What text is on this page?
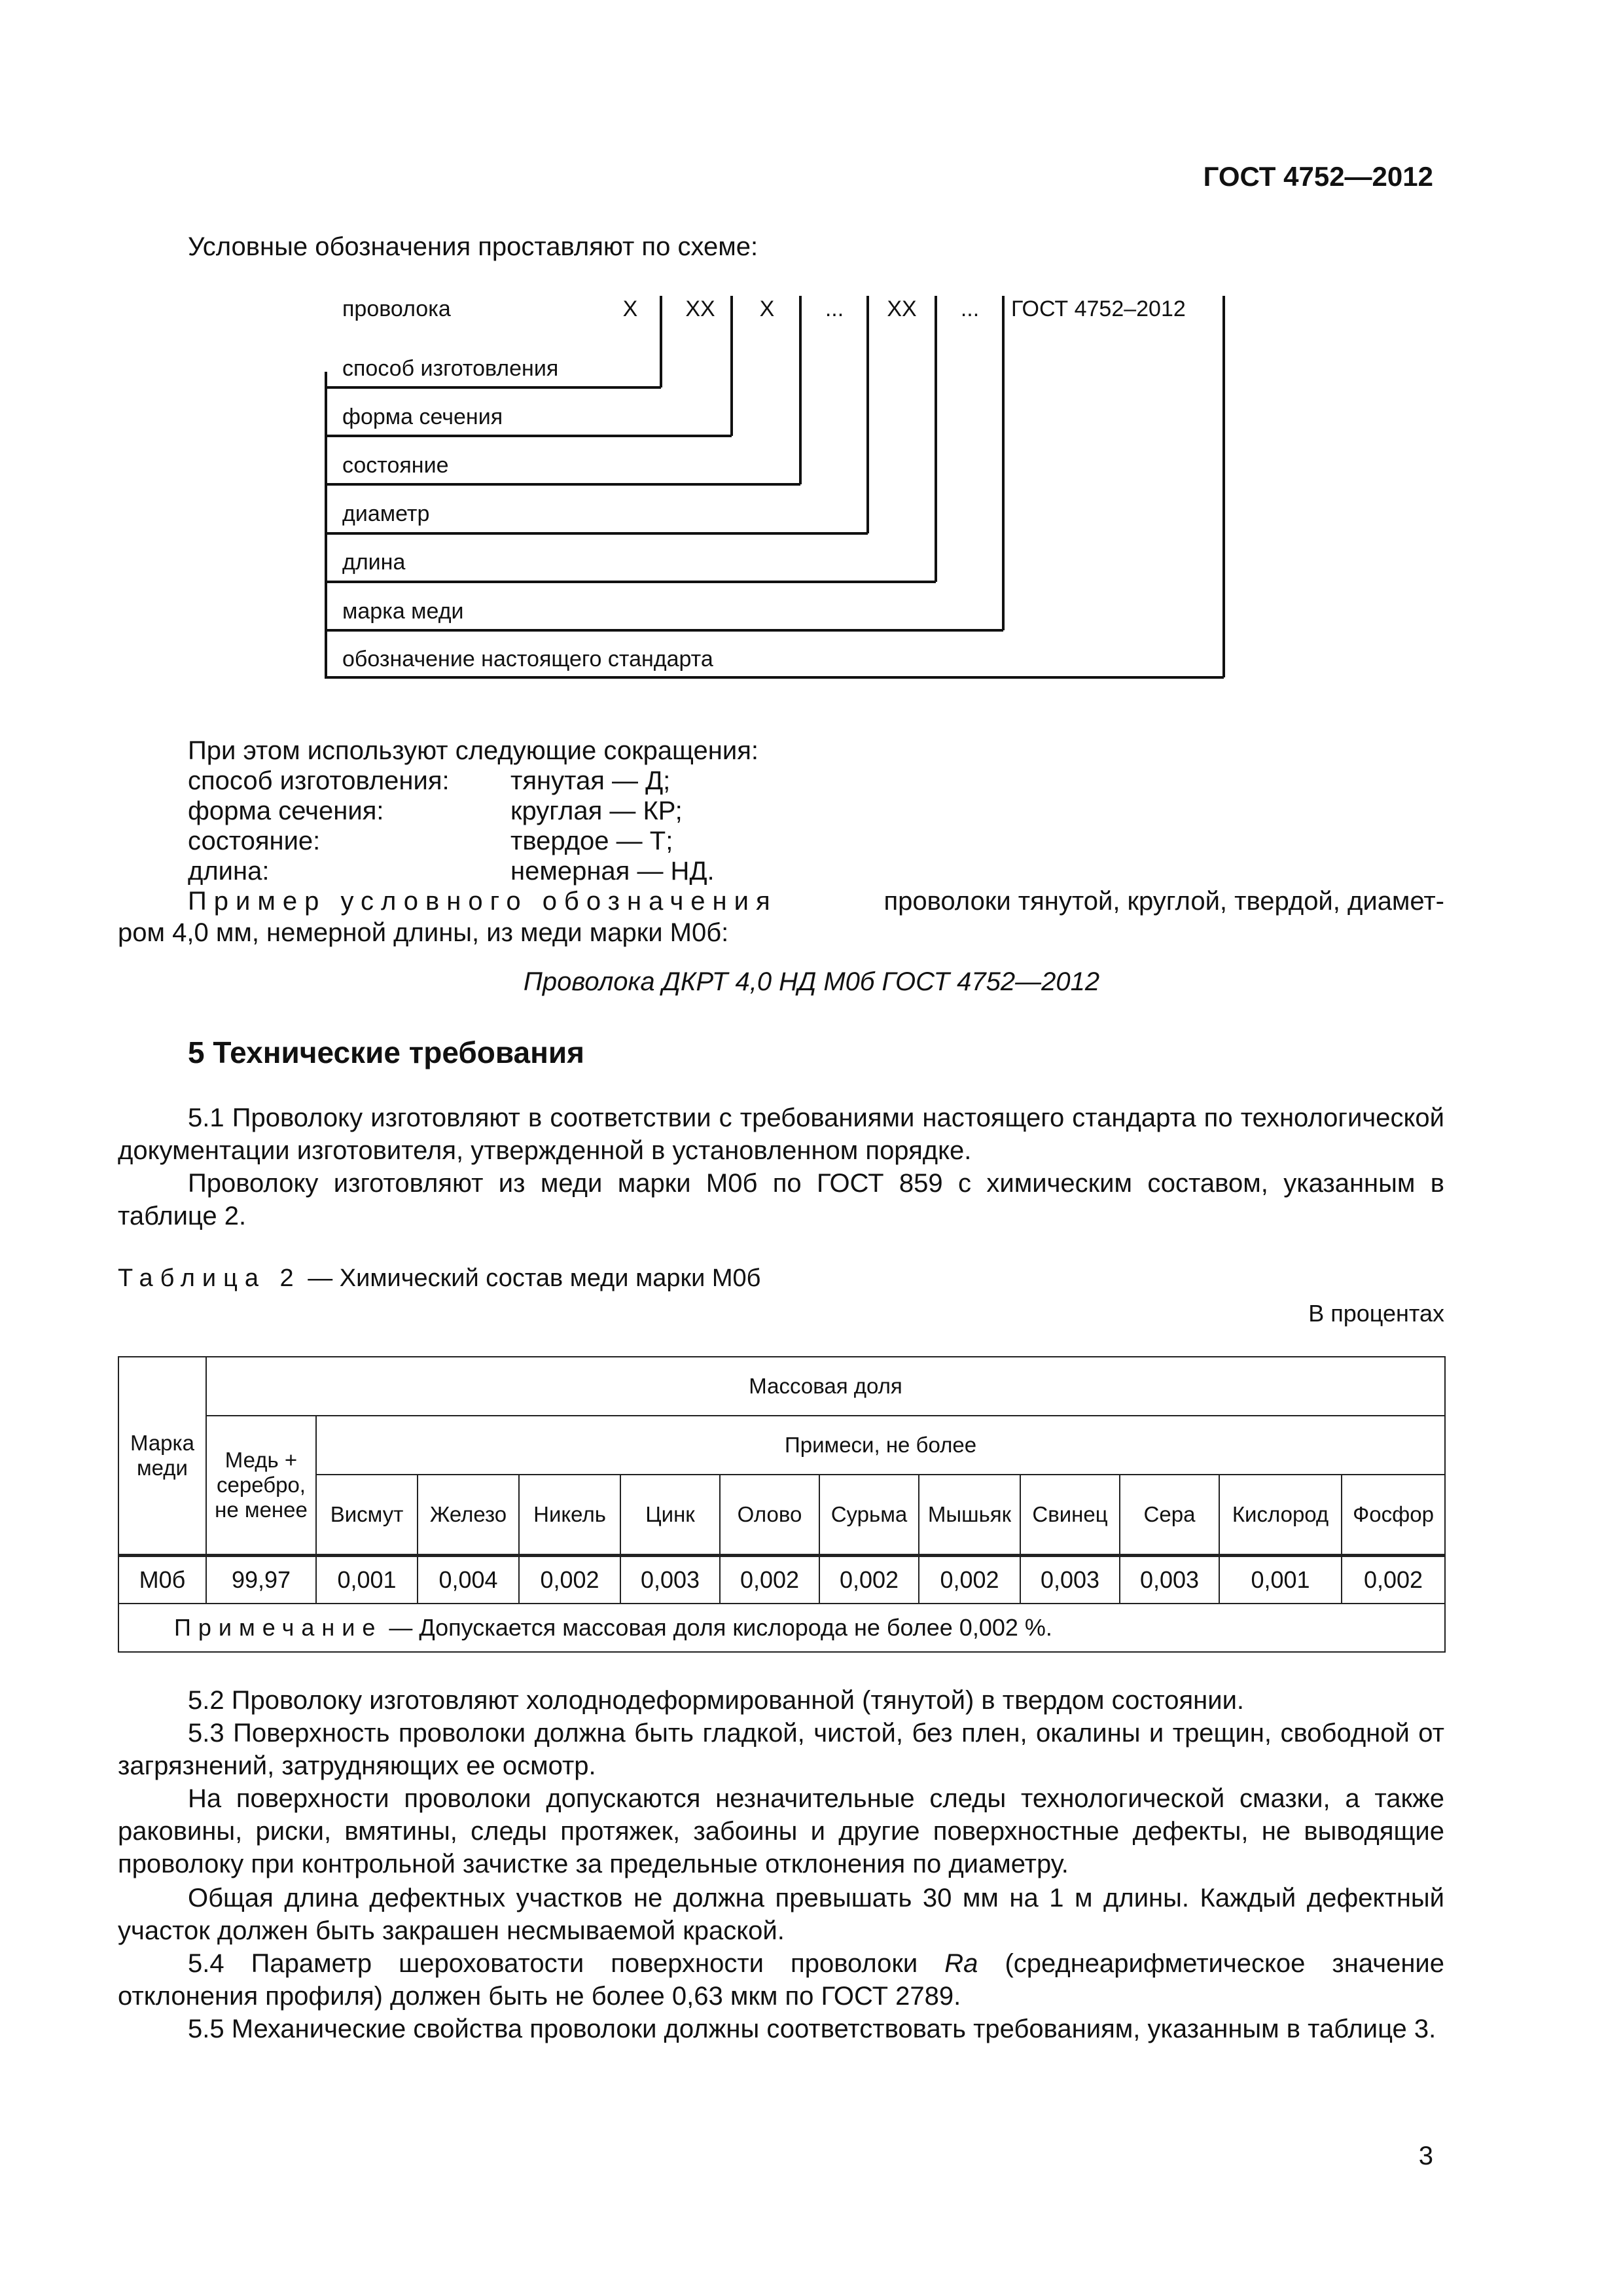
ГОСТ 4752—2012
Условные обозначения проставляют по схеме:
проволока	X XX X ... XX ... ГОСТ 4752–2012
способ изготовления
форма сечения
состояние
диаметр
длина
марка меди
обозначение настоящего стандарта
При этом используют следующие сокращения:
способ изготовления: тянутая — Д;
форма сечения:	круглая — КР;
состояние:	твердое — Т;
длина:	немерная — НД.
Пример условного обозначения	проволоки тянутой, круглой, твердой, диамет-
ром 4,0 мм, немерной длины, из меди марки М0б:
Проволока ДКРТ 4,0 НД М0б ГОСТ 4752—2012
5 Технические требования
5.1 Проволоку изготовляют в соответствии с требованиями настоящего стандарта по технологической документации изготовителя, утвержденной в установленном порядке.
Проволоку изготовляют из меди марки М0б по ГОСТ 859 с химическим составом, указанным в таблице 2.
Таблица 2 — Химический состав меди марки М0б
В процентах
Марка меди	Массовая доля											
	Медь + серебро, не менее	Примеси, не более										
		Висмут	Железо	Никель	Цинк	Олово	Сурьма	Мышьяк	Свинец	Сера	Кислород	Фосфор
М0б	99,97	0,001	0,004	0,002	0,003	0,002	0,002	0,002	0,003	0,003	0,001	0,002
Примечание — Допускается массовая доля кислорода не более 0,002 %.												
5.2 Проволоку изготовляют холоднодеформированной (тянутой) в твердом состоянии.
5.3 Поверхность проволоки должна быть гладкой, чистой, без плен, окалины и трещин, свободной от загрязнений, затрудняющих ее осмотр.
На поверхности проволоки допускаются незначительные следы технологической смазки, а также раковины, риски, вмятины, следы протяжек, забоины и другие поверхностные дефекты, не выводящие проволоку при контрольной зачистке за предельные отклонения по диаметру.
Общая длина дефектных участков не должна превышать 30 мм на 1 м длины. Каждый дефектный участок должен быть закрашен несмываемой краской.
5.4 Параметр шероховатости поверхности проволоки Ra (среднеарифметическое значение отклонения профиля) должен быть не более 0,63 мкм по ГОСТ 2789.
5.5 Механические свойства проволоки должны соответствовать требованиям, указанным в таблице 3.
3
